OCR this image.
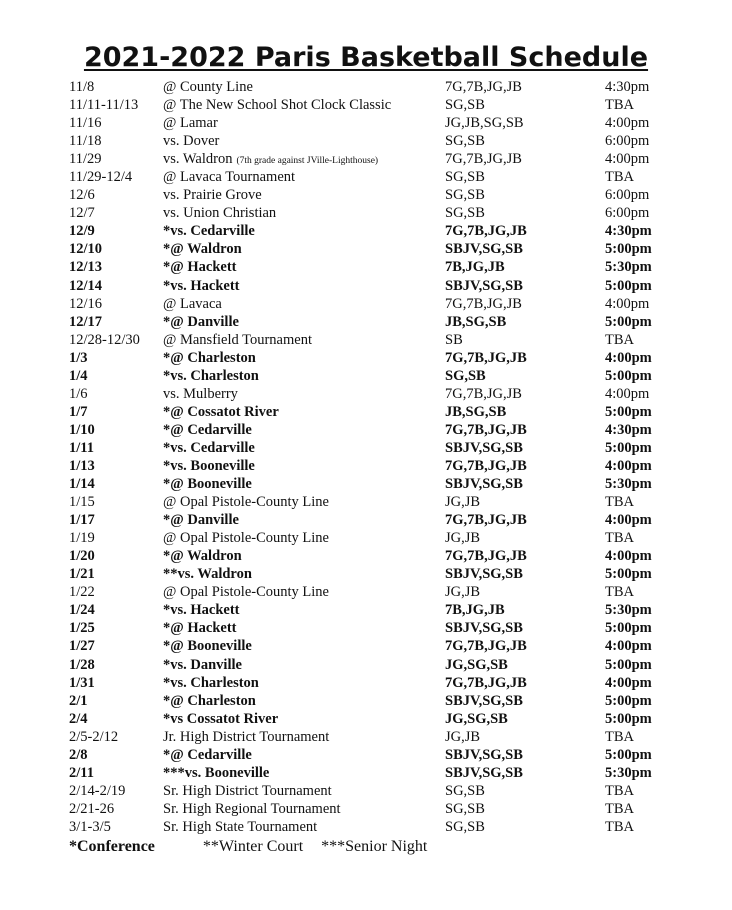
2021-2022 Paris Basketball Schedule
11/8	@ County Line	7G,7B,JG,JB	4:30pm
11/11-11/13 @ The New School Shot Clock Classic	SG,SB	TBA
11/16	@ Lamar	JG,JB,SG,SB	4:00pm
11/18	vs. Dover	SG,SB	6:00pm
11/29	vs. Waldron (7th grade against JVille-Lighthouse)	7G,7B,JG,JB	4:00pm
11/29-12/4 @ Lavaca Tournament	SG,SB	TBA
12/6	vs. Prairie Grove	SG,SB	6:00pm
12/7	vs. Union Christian	SG,SB	6:00pm
12/9	*vs. Cedarville	7G,7B,JG,JB	4:30pm
12/10	*@ Waldron	SBJV,SG,SB	5:00pm
12/13	*@ Hackett	7B,JG,JB	5:30pm
12/14	*vs. Hackett	SBJV,SG,SB	5:00pm
12/16	@ Lavaca	7G,7B,JG,JB	4:00pm
12/17	*@ Danville	JB,SG,SB	5:00pm
12/28-12/30 @ Mansfield Tournament	SB	TBA
1/3	*@ Charleston	7G,7B,JG,JB	4:00pm
1/4	*vs. Charleston	SG,SB	5:00pm
1/6	vs. Mulberry	7G,7B,JG,JB	4:00pm
1/7	*@ Cossatot River	JB,SG,SB	5:00pm
1/10	*@ Cedarville	7G,7B,JG,JB	4:30pm
1/11	*vs. Cedarville	SBJV,SG,SB	5:00pm
1/13	*vs. Booneville	7G,7B,JG,JB	4:00pm
1/14	*@ Booneville	SBJV,SG,SB	5:30pm
1/15	@ Opal Pistole-County Line	JG,JB	TBA
1/17	*@ Danville	7G,7B,JG,JB	4:00pm
1/19	@ Opal Pistole-County Line	JG,JB	TBA
1/20	*@ Waldron	7G,7B,JG,JB	4:00pm
1/21	**vs. Waldron	SBJV,SG,SB	5:00pm
1/22	@ Opal Pistole-County Line	JG,JB	TBA
1/24	*vs. Hackett	7B,JG,JB	5:30pm
1/25	*@ Hackett	SBJV,SG,SB	5:00pm
1/27	*@ Booneville	7G,7B,JG,JB	4:00pm
1/28	*vs. Danville	JG,SG,SB	5:00pm
1/31	*vs. Charleston	7G,7B,JG,JB	4:00pm
2/1	*@ Charleston	SBJV,SG,SB	5:00pm
2/4	*vs Cossatot River	JG,SG,SB	5:00pm
2/5-2/12	Jr. High District Tournament	JG,JB	TBA
2/8	*@ Cedarville	SBJV,SG,SB	5:00pm
2/11	***vs. Booneville	SBJV,SG,SB	5:30pm
2/14-2/19	Sr. High District Tournament	SG,SB	TBA
2/21-26	Sr. High Regional Tournament	SG,SB	TBA
3/1-3/5	Sr. High State Tournament	SG,SB	TBA
*Conference	**Winter Court ***Senior Night
